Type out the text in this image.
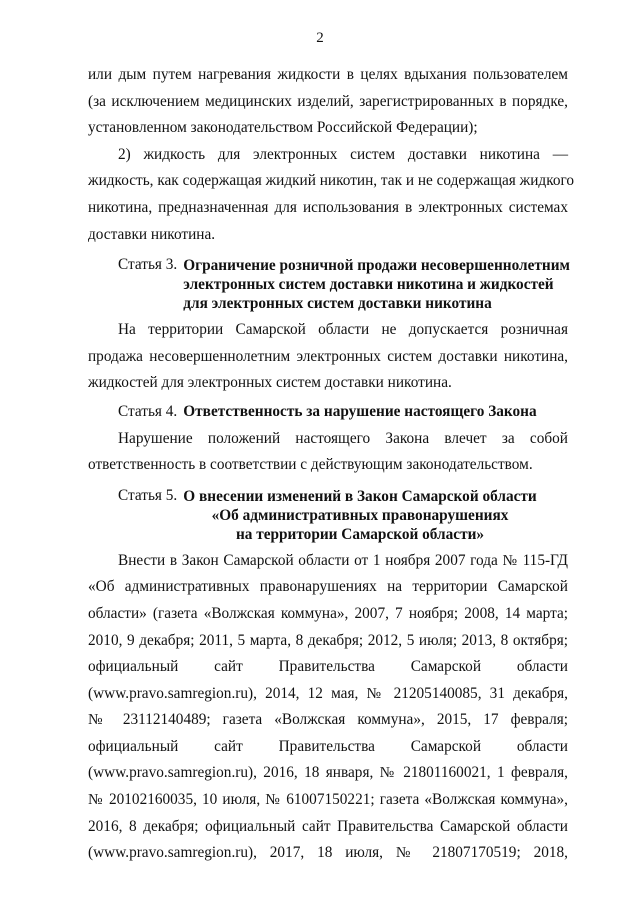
2
или дым путем нагревания жидкости в целях вдыхания пользователем
(за исключением медицинских изделий, зарегистрированных в порядке,
установленном законодательством Российской Федерации);
2) жидкость для электронных систем доставки никотина —
жидкость, как содержащая жидкий никотин, так и не содержащая жидкого
никотина, предназначенная для использования в электронных системах
доставки никотина.
Статья 3. Ограничение розничной продажи несовершеннолетним
электронных систем доставки никотина и жидкостей
для электронных систем доставки никотина
На территории Самарской области не допускается розничная
продажа несовершеннолетним электронных систем доставки никотина,
жидкостей для электронных систем доставки никотина.
Статья 4. Ответственность за нарушение настоящего Закона
Нарушение положений настоящего Закона влечет за собой
ответственность в соответствии с действующим законодательством.
Статья 5. О внесении изменений в Закон Самарской области
«Об административных правонарушениях
на территории Самарской области»
Внести в Закон Самарской области от 1 ноября 2007 года № 115-ГД
«Об административных правонарушениях на территории Самарской
области» (газета «Волжская коммуна», 2007, 7 ноября; 2008, 14 марта;
2010, 9 декабря; 2011, 5 марта, 8 декабря; 2012, 5 июля; 2013, 8 октября;
официальный сайт Правительства Самарской области
(www.pravo.samregion.ru), 2014, 12 мая, № 21205140085, 31 декабря,
№ 23112140489; газета «Волжская коммуна», 2015, 17 февраля;
официальный сайт Правительства Самарской области
(www.pravo.samregion.ru), 2016, 18 января, № 21801160021, 1 февраля,
№ 20102160035, 10 июля, № 61007150221; газета «Волжская коммуна»,
2016, 8 декабря; официальный сайт Правительства Самарской области
(www.pravo.samregion.ru), 2017, 18 июля, № 21807170519; 2018,
